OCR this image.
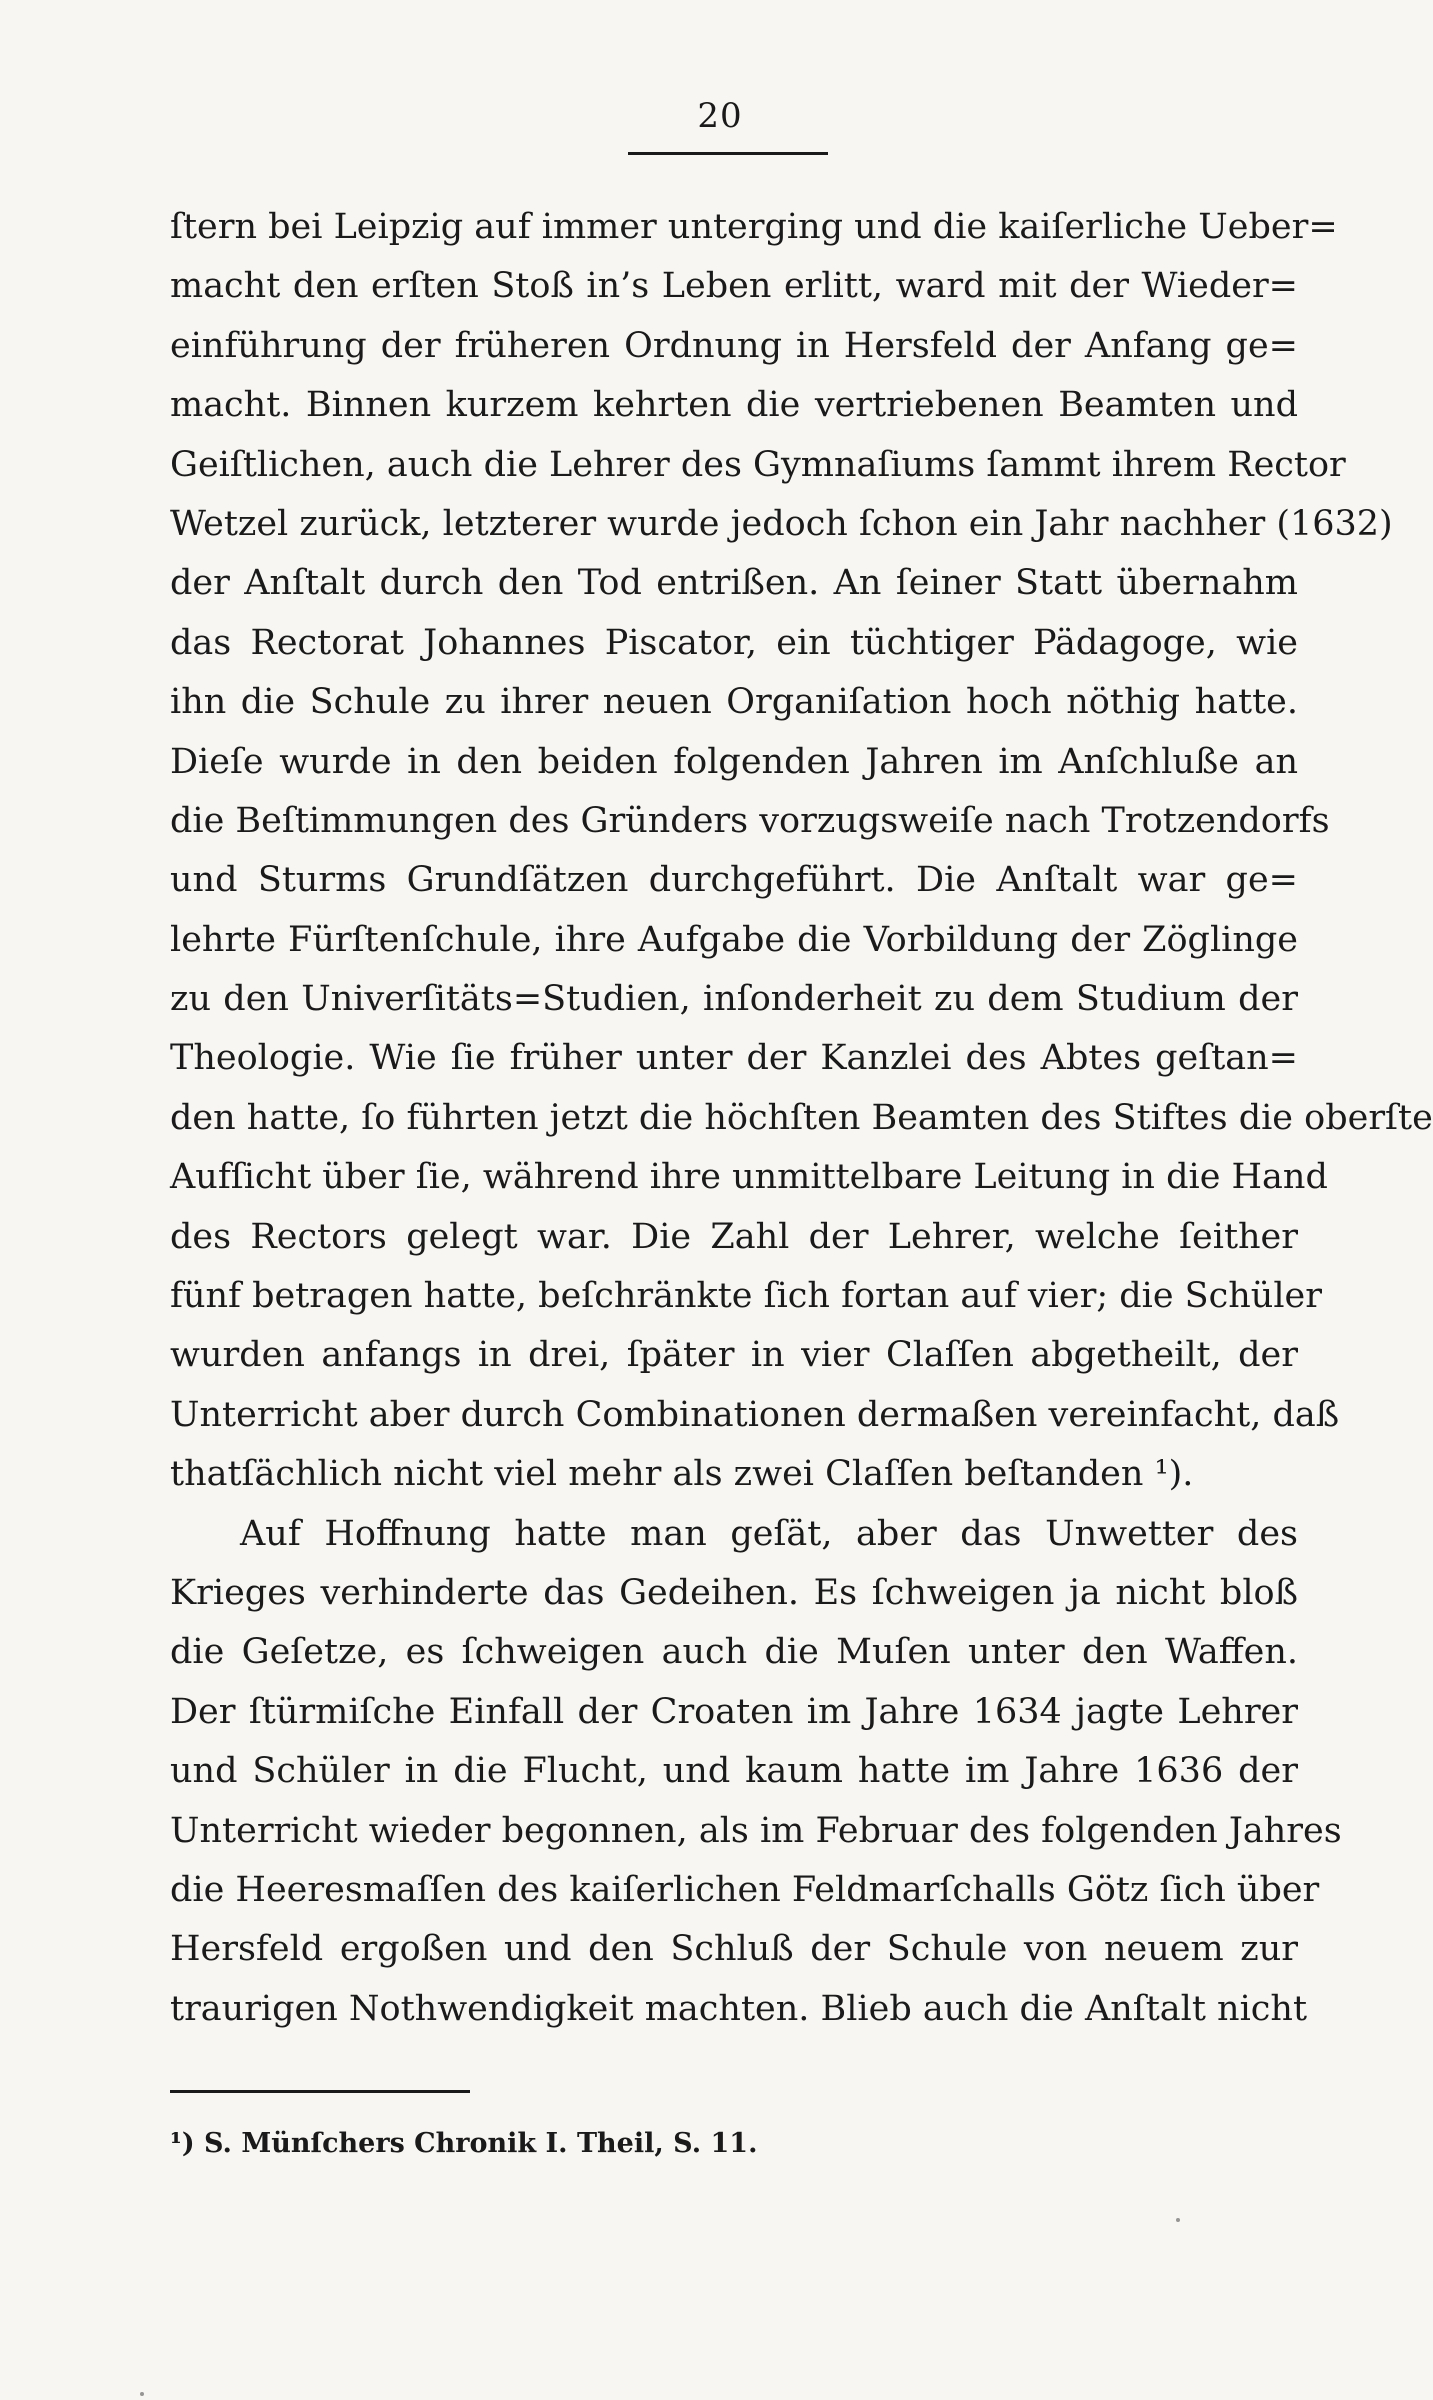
20
ſtern bei Leipzig auf immer unterging und die kaiſerliche Ueber=
macht den erſten Stoß in’s Leben erlitt, ward mit der Wieder=
einführung der früheren Ordnung in Hersfeld der Anfang ge=
macht. Binnen kurzem kehrten die vertriebenen Beamten und
Geiſtlichen, auch die Lehrer des Gymnaſiums ſammt ihrem Rector
Wetzel zurück, letzterer wurde jedoch ſchon ein Jahr nachher (1632)
der Anſtalt durch den Tod entrißen. An ſeiner Statt übernahm
das Rectorat Johannes Piscator, ein tüchtiger Pädagoge, wie
ihn die Schule zu ihrer neuen Organiſation hoch nöthig hatte.
Dieſe wurde in den beiden folgenden Jahren im Anſchluße an
die Beſtimmungen des Gründers vorzugsweiſe nach Trotzendorfs
und Sturms Grundſätzen durchgeführt. Die Anſtalt war ge=
lehrte Fürſtenſchule, ihre Aufgabe die Vorbildung der Zöglinge
zu den Univerſitäts=Studien, inſonderheit zu dem Studium der
Theologie. Wie ſie früher unter der Kanzlei des Abtes geſtan=
den hatte, ſo führten jetzt die höchſten Beamten des Stiftes die oberſte
Aufſicht über ſie, während ihre unmittelbare Leitung in die Hand
des Rectors gelegt war. Die Zahl der Lehrer, welche ſeither
fünf betragen hatte, beſchränkte ſich fortan auf vier; die Schüler
wurden anfangs in drei, ſpäter in vier Claſſen abgetheilt, der
Unterricht aber durch Combinationen dermaßen vereinfacht, daß
thatſächlich nicht viel mehr als zwei Claſſen beſtanden ¹).
Auf Hoffnung hatte man geſät, aber das Unwetter des
Krieges verhinderte das Gedeihen. Es ſchweigen ja nicht bloß
die Geſetze, es ſchweigen auch die Muſen unter den Waffen.
Der ſtürmiſche Einfall der Croaten im Jahre 1634 jagte Lehrer
und Schüler in die Flucht, und kaum hatte im Jahre 1636 der
Unterricht wieder begonnen, als im Februar des folgenden Jahres
die Heeresmaſſen des kaiſerlichen Feldmarſchalls Götz ſich über
Hersfeld ergoßen und den Schluß der Schule von neuem zur
traurigen Nothwendigkeit machten. Blieb auch die Anſtalt nicht
¹) S. Münſchers Chronik I. Theil, S. 11.
